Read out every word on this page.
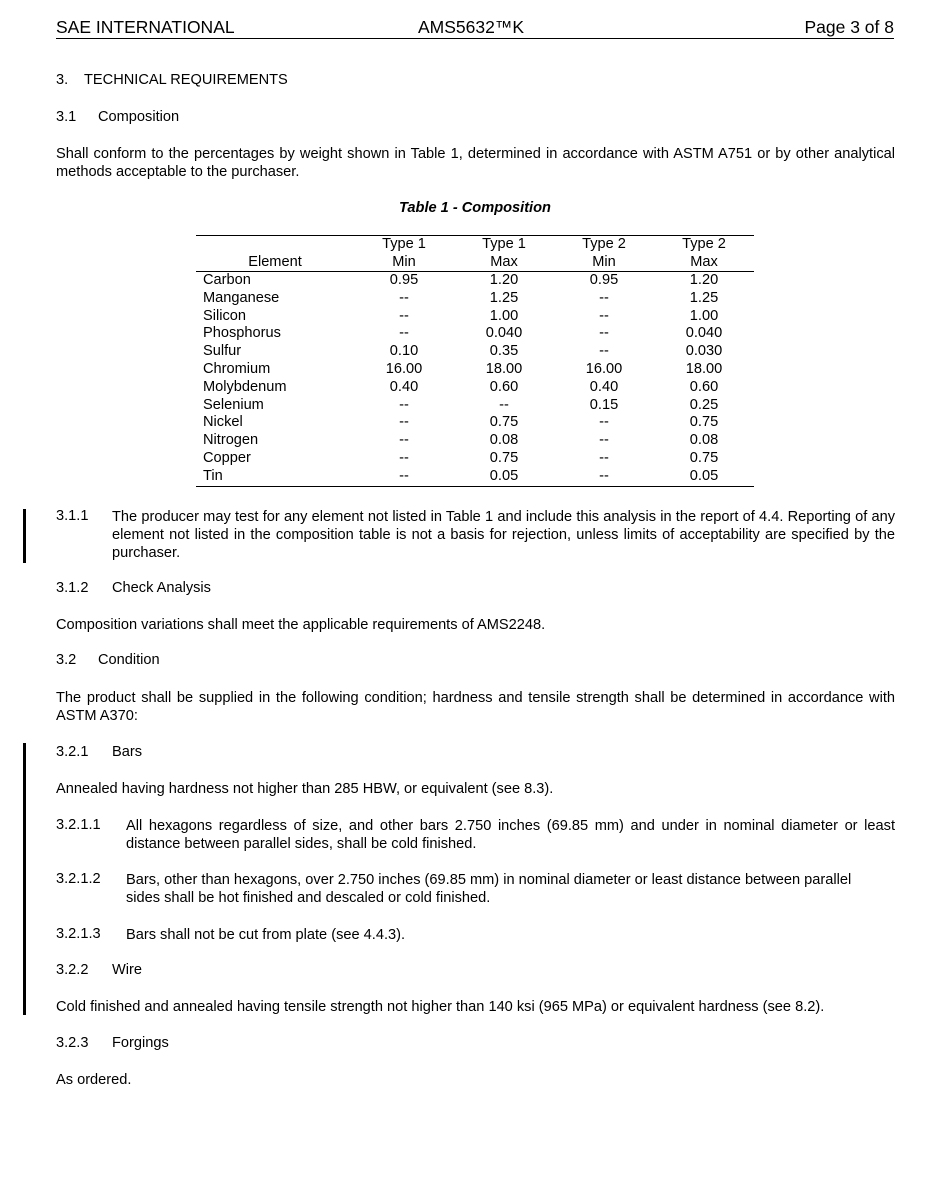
SAE INTERNATIONAL	AMS5632™K	Page 3 of 8
3. TECHNICAL REQUIREMENTS
3.1 Composition
Shall conform to the percentages by weight shown in Table 1, determined in accordance with ASTM A751 or by other analytical methods acceptable to the purchaser.
Table 1 - Composition
	Type 1	Type 1	Type 2	Type 2
Element	Min	Max	Min	Max
Carbon	0.95	1.20	0.95	1.20
Manganese	--	1.25	--	1.25
Silicon	--	1.00	--	1.00
Phosphorus	--	0.040	--	0.040
Sulfur	0.10	0.35	--	0.030
Chromium	16.00	18.00	16.00	18.00
Molybdenum	0.40	0.60	0.40	0.60
Selenium	--	--	0.15	0.25
Nickel	--	0.75	--	0.75
Nitrogen	--	0.08	--	0.08
Copper	--	0.75	--	0.75
Tin	--	0.05	--	0.05
3.1.1 The producer may test for any element not listed in Table 1 and include this analysis in the report of 4.4. Reporting of any element not listed in the composition table is not a basis for rejection, unless limits of acceptability are specified by the purchaser.
3.1.2 Check Analysis
Composition variations shall meet the applicable requirements of AMS2248.
3.2 Condition
The product shall be supplied in the following condition; hardness and tensile strength shall be determined in accordance with ASTM A370:
3.2.1 Bars
Annealed having hardness not higher than 285 HBW, or equivalent (see 8.3).
3.2.1.1 All hexagons regardless of size, and other bars 2.750 inches (69.85 mm) and under in nominal diameter or least distance between parallel sides, shall be cold finished.
3.2.1.2 Bars, other than hexagons, over 2.750 inches (69.85 mm) in nominal diameter or least distance between parallel sides shall be hot finished and descaled or cold finished.
3.2.1.3 Bars shall not be cut from plate (see 4.4.3).
3.2.2 Wire
Cold finished and annealed having tensile strength not higher than 140 ksi (965 MPa) or equivalent hardness (see 8.2).
3.2.3 Forgings
As ordered.
